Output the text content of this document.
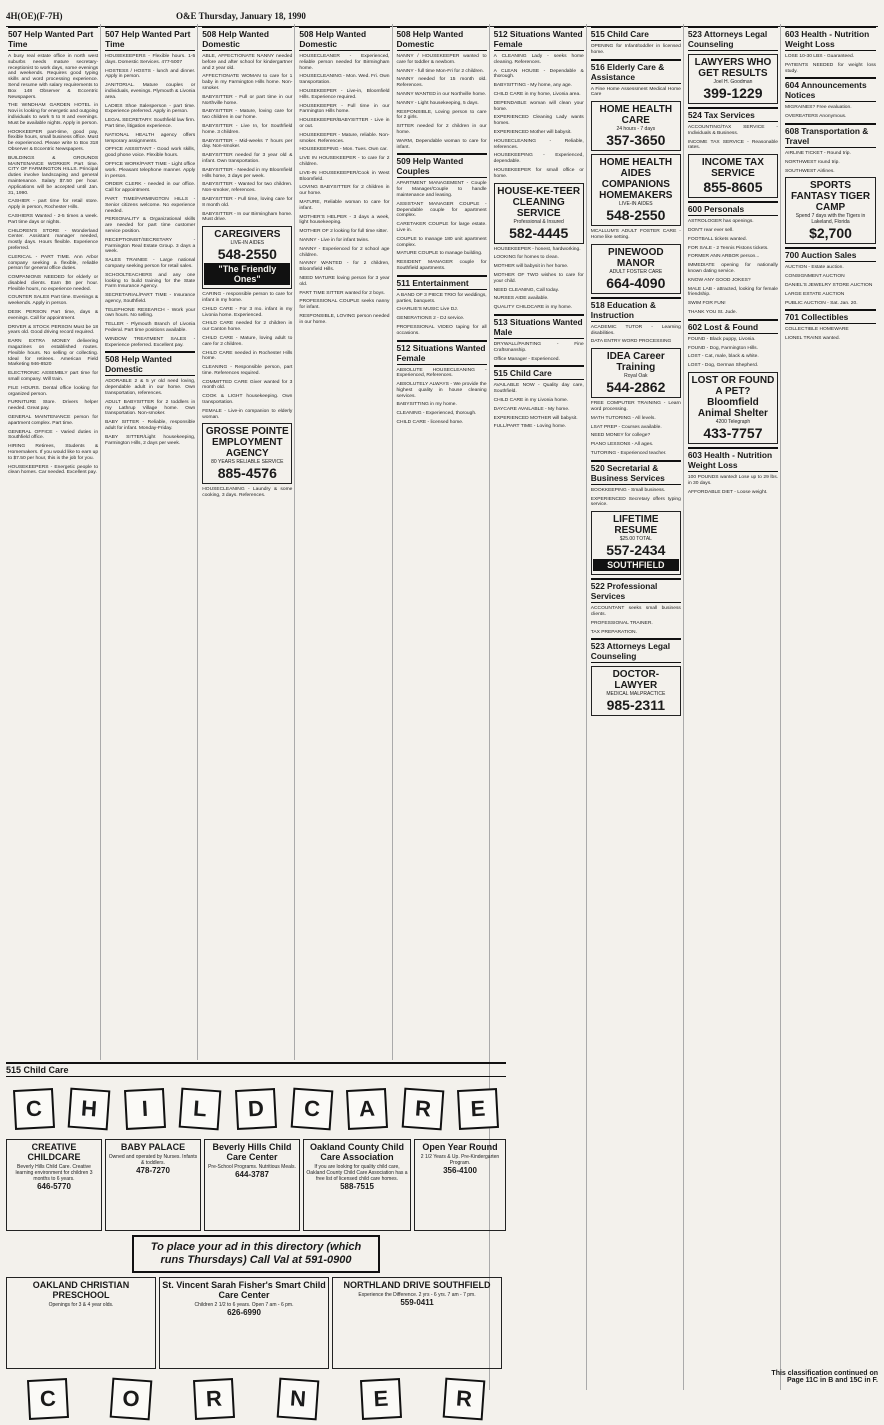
4H(OE)(F-7H)	O&E Thursday, January 18, 1990
507 Help Wanted Part Time
A busy real estate office in north west suburbs needs mature secretary-receptionist to work days, some evenings and weekends. Requires good typing skills and word processing experience. Send resume with salary requirements to Box 148 Observer & Eccentric Newspapers.
THE WINDHAM GARDEN HOTEL in Novi is looking for energetic and outgoing individuals to work 5 to 8 and evenings. Must be available nights. Apply in person.
HOOKKEEPER part-time, good pay, flexible hours, small business office. Must be experienced. Please write to Box 318 Observer & Eccentric Newspapers.
BUILDINGS & GROUNDS MAINTENANCE WORKER Part time. CITY OF FARMINGTON HILLS. Principal duties involve landscaping and general maintenance. Salary $7.50 per hour. Applications will be accepted until Jan. 31, 1990.
CASHIER - part time for retail store. Apply in person, Rochester Hills.
CASHIERS Wanted - 2-5 times a week. Part time days or nights.
CHILDREN'S STORE - Wonderland Center. Assistant manager needed, mostly days. Hours flexible. Experience preferred.
CLERICAL - PART TIME. Ann Arbor company seeking a flexible, reliable person for general office duties.
COMPANIONS NEEDED for elderly or disabled clients. Earn $6 per hour. Flexible hours, no experience needed.
COUNTER SALES Part time. Evenings & weekends. Apply in person.
DESK PERSON Part time, days & evenings. Call for appointment.
DRIVER & STOCK PERSON Must be 18 years old. Good driving record required.
EARN EXTRA MONEY delivering magazines on established routes. Flexible hours. No selling or collecting. Ideal for retirees. American Field Marketing 946-8520
ELECTRONIC ASSEMBLY part time for small company. Will train.
FILE HOURS. Dental office looking for organized person.
FURNITURE Store. Drivers helper needed. Great pay.
GENERAL MAINTENANCE person for apartment complex. Part time.
GENERAL OFFICE - Varied duties in Southfield office.
HIRING Retirees, Students & Homemakers. If you would like to earn up to $7.50 per hour, this is the job for you.
HOUSEKEEPERS - Energetic people to clean homes. Car needed. Excellent pay.
507 Help Wanted Part Time
HOUSEKEEPERS - Flexible hours. 1-5 days. Domestic Services. 477-5007
HOSTESS / HOSTS - lunch and dinner. Apply in person.
JANITORIAL. Mature couples or individuals, evenings. Plymouth & Livonia area.
LADIES Shoe Salesperson - part time. Experience preferred. Apply in person.
LEGAL SECRETARY. Southfield law firm. Part time, litigation experience.
NATIONAL HEALTH agency offers temporary assignments.
OFFICE ASSISTANT - Good work skills, good phone voice. Flexible hours.
OFFICE WORK/PART TIME - Light office work. Pleasant telephone manner. Apply in person.
ORDER CLERK - needed in our office. Call for appointment.
PART TIME/FARMINGTON HILLS - Senior citizens welcome. No experience needed.
PERSONALITY & Organizational skills are needed for part time customer service position.
RECEPTIONIST/SECRETARY - Farmington Real Estate Group. 3 days a week.
SALES TRAINEE - Large national company seeking person for retail sales.
SCHOOLTEACHERS and any one looking to build training for the State Farm Insurance Agency.
SECRETARIAL/PART TIME - Insurance agency, Southfield.
TELEPHONE RESEARCH - Work your own hours. No selling.
TELLER - Plymouth Branch of Livonia Federal. Part time positions available.
WINDOW TREATMENT SALES - Experience preferred. Excellent pay.
508 Help Wanted Domestic
ADORABLE 2 & 5 yr old need loving, dependable adult in our home. Own transportation, references.
ADULT BABYSITTER for 2 toddlers in my Lathrup Village home. Own transportation. Non-smoker.
BABY SITTER - Reliable, responsible adult for infant. Monday-Friday.
BABY SITTER/Light housekeeping, Farmington Hills, 2 days per week.
508 Help Wanted Domestic
ABLE, AFFECTIONATE NANNY needed before and after school for kindergartner and 2 year old.
AFFECTIONATE WOMAN to care for 1 baby in my Farmington Hills home. Non-smoker.
BABYSITTER - Full or part time in our Northville home.
BABYSITTER - Mature, loving care for two children in our home.
BABYSITTER - Live In, for Southfield home. 3 children.
BABYSITTER - Mid-weeks 7 hours per day. Non-smoker.
BABYSITTER needed for 3 year old & infant. Own transportation.
BABYSITTER - Needed in my Bloomfield Hills home, 3 days per week.
BABYSITTER - Wanted for two children. Non-smoker, references.
BABYSITTER - Full time, loving care for 8 month old.
BABYSITTER - In our Birmingham home. Must drive.
CAREGIVERS
LIVE-IN AIDES
548-2550
"The Friendly Ones"
CARING - responsible person to care for infant in my home.
CHILD CARE - For 3 mo. infant in my Livonia home. Experienced.
CHILD CARE needed for 2 children in our Canton home.
CHILD CARE - Mature, loving adult to care for 2 children.
CHILD CARE needed in Rochester Hills home.
CLEANING - Responsible person, part time. References required.
COMMITTED CARE Giver wanted for 3 month old.
COOK & LIGHT housekeeping. Own transportation.
FEMALE - Live-in companion to elderly woman.
GROSSE POINTE EMPLOYMENT AGENCY
80 YEARS RELIABLE SERVICE
885-4576
HOUSECLEANING - Laundry & some cooking, 3 days. References.
508 Help Wanted Domestic
HOUSECLEANER - Experienced, reliable person needed for Birmingham home.
HOUSECLEANING - Mon. Wed. Fri. Own transportation.
HOUSEKEEPER - Live-in, Bloomfield Hills. Experience required.
HOUSEKEEPER - Full time in our Farmington Hills home.
HOUSEKEEPER/BABYSITTER - Live in or out.
HOUSEKEEPER - Mature, reliable. Non-smoker. References.
HOUSEKEEPING - Mon. Tues. Own car.
LIVE IN HOUSEKEEPER - to care for 2 children.
LIVE-IN HOUSEKEEPER/Cook in West Bloomfield.
LOVING BABYSITTER for 2 children in our home.
MATURE, Reliable woman to care for infant.
MOTHER'S HELPER - 3 days a week, light housekeeping.
MOTHER OF 2 looking for full time sitter.
NANNY - Live in for infant twins.
NANNY - Experienced for 2 school age children.
NANNY WANTED - for 2 children, Bloomfield Hills.
NEED MATURE loving person for 3 year old.
PART TIME SITTER wanted for 2 boys.
PROFESSIONAL COUPLE seeks nanny for infant.
RESPONSIBLE, LOVING person needed in our home.
508 Help Wanted Domestic
NANNY / HOUSEKEEPER wanted to care for toddler & newborn.
NANNY - full time Mon-Fri for 2 children.
NANNY needed for 15 month old. References.
NANNY WANTED in our Northville home.
NANNY - Light housekeeping, 5 days.
RESPONSIBLE, Loving person to care for 2 girls.
SITTER needed for 2 children in our home.
WARM, Dependable woman to care for infant.
509 Help Wanted Couples
APARTMENT MANAGEMENT - Couple for Manager/Couple to handle maintenance and leasing.
ASSISTANT MANAGER COUPLE - Dependable couple for apartment complex.
CARETAKER COUPLE for large estate. Live in.
COUPLE to manage 180 unit apartment complex.
MATURE COUPLE to manage building.
RESIDENT MANAGER couple for Southfield apartments.
511 Entertainment
A BAND OF 3 PIECE TRIO for weddings, parties, banquets.
CHARLIE'S MUSIC Live DJ.
GENERATIONS 2 - DJ service.
PROFESSIONAL VIDEO taping for all occasions.
512 Situations Wanted Female
ABSOLUTE HOUSECLEANING - Experienced, References.
ABSOLUTELY ALWAYS - We provide the highest quality in house cleaning services.
BABYSITTING in my home.
CLEANING - Experienced, thorough.
CHILD CARE - licensed home.
512 Situations Wanted Female
A CLEANING Lady - seeks home cleaning. References.
A CLEAN HOUSE - Dependable & thorough.
BABYSITTING - My home, any age.
CHILD CARE in my home, Livonia area.
DEPENDABLE woman will clean your home.
EXPERIENCED Cleaning Lady wants homes.
EXPERIENCED Mother will babysit.
HOUSECLEANING - Reliable, references.
HOUSEKEEPING - Experienced, dependable.
HOUSEKEEPER for small office or home.
HOUSE-KE-TEER CLEANING SERVICE
Professional & Insured
582-4445
HOUSEKEEPER - honest, hardworking.
LOOKING for homes to clean.
MOTHER will babysit in her home.
MOTHER OF TWO wishes to care for your child.
NEED CLEANING, Call today.
NURSES AIDE available.
QUALITY CHILDCARE in my home.
513 Situations Wanted Male
DRYWALL/PAINTING - Fine Craftsmanship.
Office Manager - Experienced.
515 Child Care
AVAILABLE NOW - Quality day care, Southfield.
CHILD CARE in my Livonia home.
DAYCARE AVAILABLE - My home.
EXPERIENCED MOTHER will babysit.
FULL/PART TIME - Loving home.
515 Child Care
OPENING for Infant/toddler in licensed home.
516 Elderly Care & Assistance
A Fine Home Assessment Medical Home Care
HOME HEALTH CARE
24 hours - 7 days
357-3650
HOME HEALTH AIDES COMPANIONS HOMEMAKERS
LIVE-IN AIDES
548-2550
MCALLUM'S ADULT FOSTER CARE - Home like setting.
PINEWOOD MANOR
ADULT FOSTER CARE
664-4090
518 Education & Instruction
ACADEMIC TUTOR - Learning disabilities.
DATA ENTRY WORD PROCESSING
IDEA Career Training
Royal Oak
544-2862
FREE COMPUTER TRAINING - Learn word processing.
MATH TUTORING - All levels.
LSAT PREP - Courses available.
NEED MONEY for college?
PIANO LESSONS - All ages.
TUTORING - Experienced teacher.
520 Secretarial & Business Services
BOOKKEEPING - Small business.
EXPERIENCED Secretary offers typing service.
LIFETIME RESUME
$25.00 TOTAL
557-2434
SOUTHFIELD
522 Professional Services
ACCOUNTANT seeks small business clients.
PROFESSIONAL TRAINER.
TAX PREPARATION.
523 Attorneys Legal Counseling
DOCTOR-LAWYER
MEDICAL MALPRACTICE
985-2311
523 Attorneys Legal Counseling
LAWYERS WHO GET RESULTS
Joel H. Goodman
399-1229
524 Tax Services
ACCOUNTING/TAX SERVICE - Individuals & Business.
INCOME TAX SERVICE - Reasonable rates.
INCOME TAX SERVICE
855-8605
600 Personals
ASTROLOGER has openings.
DON'T rear ever sell.
FOOTBALL tickets wanted.
FOR SALE - 2 Tennis Pistons tickets.
FORMER ANN ARBOR person...
IMMEDIATE opening for nationally known dating service.
KNOW ANY GOOD JOKES?
MALE LAB - attracted, looking for female friendship.
SWIM FOR FUN!
THANK YOU St. Jude.
602 Lost & Found
FOUND - Black puppy, Livonia.
FOUND - Dog, Farmington Hills.
LOST - Cat, male, black & white.
LOST - Dog, German Shepherd.
LOST OR FOUND A PET? Bloomfield Animal Shelter
4200 Telegraph
433-7757
603 Health - Nutrition Weight Loss
100 POUNDS wanted! Lose up to 29 lbs. in 30 days.
AFFORDABLE DIET - Loose weight.
603 Health - Nutrition Weight Loss
LOSE 10-30 LBS - Guaranteed.
PATIENTS NEEDED for weight loss study.
604 Announcements Notices
MIGRAINES? Free evaluation.
OVEREATERS Anonymous.
608 Transportation & Travel
AIRLINE TICKET - Round trip.
NORTHWEST round trip.
SOUTHWEST Airlines.
SPORTS FANTASY TIGER CAMP
Spend 7 days with the Tigers in Lakeland, Florida
$2,700
700 Auction Sales
AUCTION - Estate auction.
CONSIGNMENT AUCTION
DANIEL'S JEWELRY STORE AUCTION
LARGE ESTATE AUCTION
PUBLIC AUCTION - Sat. Jan. 20.
701 Collectibles
COLLECTIBLE HOMEWARE
LIONEL TRAINS wanted.
515 Child Care
C	H	I	L	D	C	A	R	E
CREATIVE CHILDCARE
Beverly Hills Child Care. Creative learning environment for children 3 months to 6 years.
646-5770
BABY PALACE
Owned and operated by Nurses. Infants & toddlers.
478-7270
Beverly Hills Child Care Center
Pre-School Programs. Nutritious Meals.
644-3787
Oakland County Child Care Association
If you are looking for quality child care, Oakland County Child Care Association has a free list of licensed child care homes.
588-7515
Open Year Round
2 1/2 Years & Up. Pre-Kindergarten Program.
356-4100
To place your ad in this directory (which runs Thursdays) Call Val at 591-0900
OAKLAND CHRISTIAN PRESCHOOL
Openings for 3 & 4 year olds.
St. Vincent Sarah Fisher's Smart Child Care Center
Children 2 1/2 to 6 years. Open 7 am - 6 pm.
626-6990
NORTHLAND DRIVE SOUTHFIELD
Experience the Difference. 2 yrs - 6 yrs. 7 am - 7 pm.
559-0411
C	O	R	N	E	R
This classification continued on Page 11C in B and 15C in F.
